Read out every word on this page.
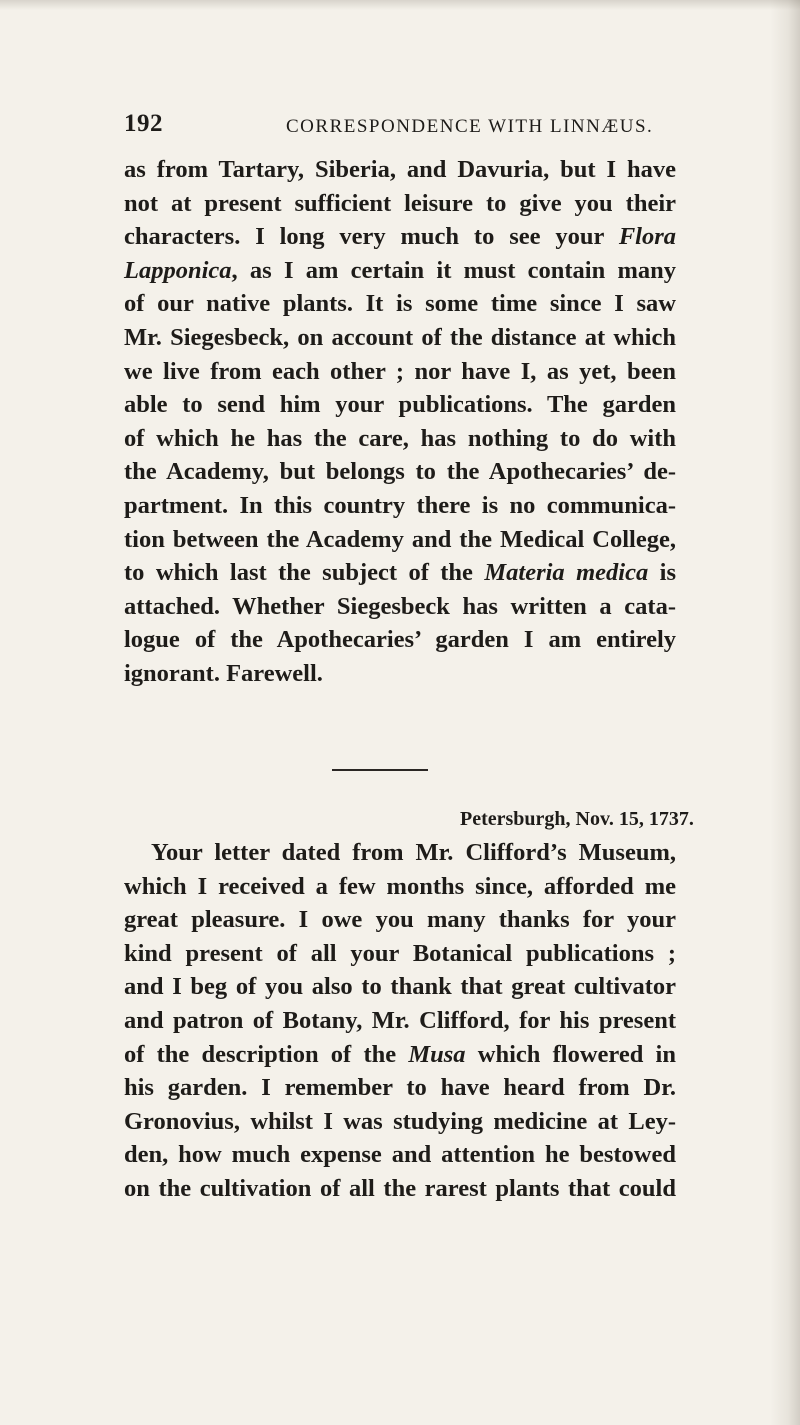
192	CORRESPONDENCE WITH LINNÆUS.
as from Tartary, Siberia, and Davuria, but I have
not at present sufficient leisure to give you their
characters. I long very much to see your Flora
Lapponica, as I am certain it must contain many
of our native plants. It is some time since I saw
Mr. Siegesbeck, on account of the distance at which
we live from each other ; nor have I, as yet, been
able to send him your publications. The garden
of which he has the care, has nothing to do with
the Academy, but belongs to the Apothecaries’ de-
partment. In this country there is no communica-
tion between the Academy and the Medical College,
to which last the subject of the Materia medica is
attached. Whether Siegesbeck has written a cata-
logue of the Apothecaries’ garden I am entirely
ignorant. Farewell.
Petersburgh, Nov. 15, 1737.
Your letter dated from Mr. Clifford’s Museum,
which I received a few months since, afforded me
great pleasure. I owe you many thanks for your
kind present of all your Botanical publications ;
and I beg of you also to thank that great cultivator
and patron of Botany, Mr. Clifford, for his present
of the description of the Musa which flowered in
his garden. I remember to have heard from Dr.
Gronovius, whilst I was studying medicine at Ley-
den, how much expense and attention he bestowed
on the cultivation of all the rarest plants that could
